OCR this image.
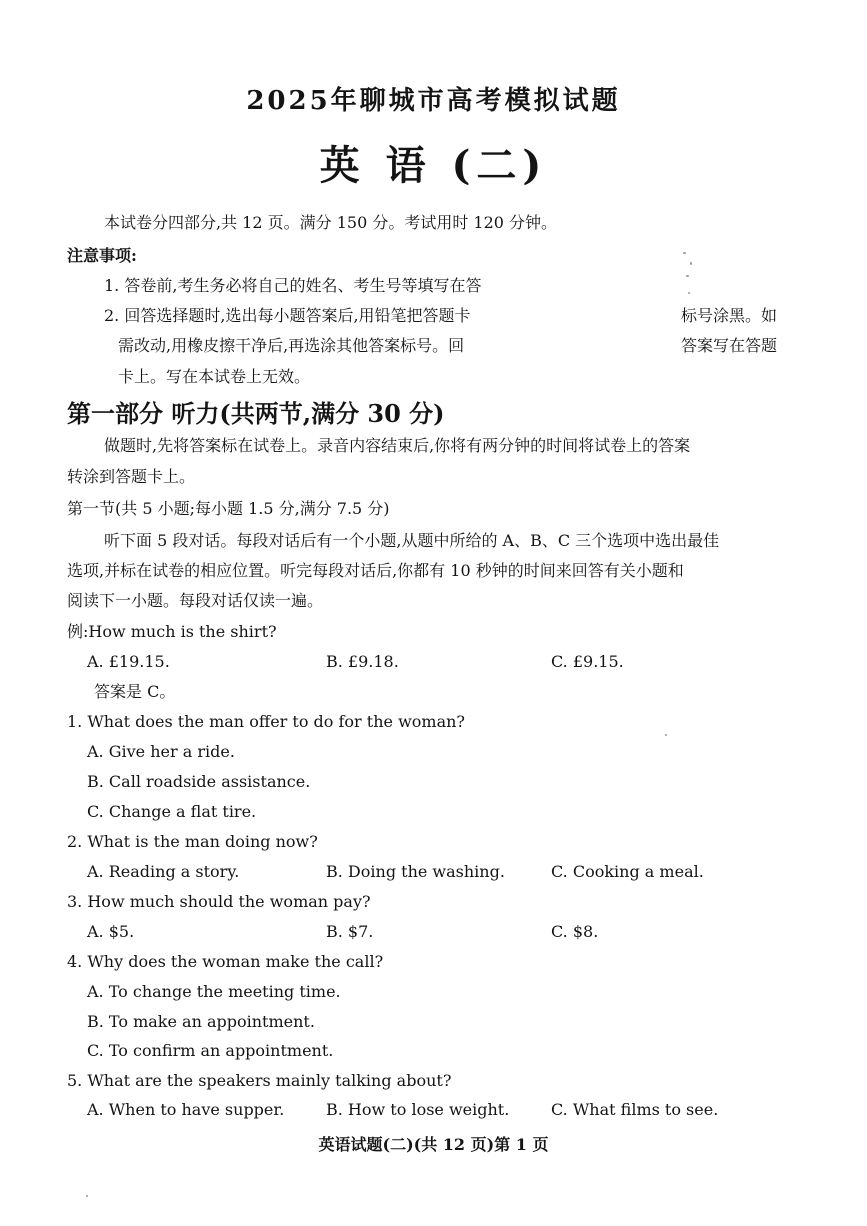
2025年聊城市高考模拟试题
英 语 (二)
本试卷分四部分,共 12 页。满分 150 分。考试用时 120 分钟。
注意事项:
1. 答卷前,考生务必将自己的姓名、考生号等填写在答
2. 回答选择题时,选出每小题答案后,用铅笔把答题卡
需改动,用橡皮擦干净后,再选涂其他答案标号。回
卡上。写在本试卷上无效。
标号涂黑。如
答案写在答题
第一部分 听力(共两节,满分 30 分)
做题时,先将答案标在试卷上。录音内容结束后,你将有两分钟的时间将试卷上的答案
转涂到答题卡上。
第一节(共 5 小题;每小题 1.5 分,满分 7.5 分)
听下面 5 段对话。每段对话后有一个小题,从题中所给的 A、B、C 三个选项中选出最佳
选项,并标在试卷的相应位置。听完每段对话后,你都有 10 秒钟的时间来回答有关小题和
阅读下一小题。每段对话仅读一遍。
例:How much is the shirt?
A. £19.15.	B. £9.18.	C. £9.15.
答案是 C。
1. What does the man offer to do for the woman?
A. Give her a ride.
B. Call roadside assistance.
C. Change a flat tire.
2. What is the man doing now?
A. Reading a story.	B. Doing the washing.	C. Cooking a meal.
3. How much should the woman pay?
A. $5.	B. $7.	C. $8.
4. Why does the woman make the call?
A. To change the meeting time.
B. To make an appointment.
C. To confirm an appointment.
5. What are the speakers mainly talking about?
A. When to have supper.	B. How to lose weight.	C. What films to see.
英语试题(二)(共 12 页)第 1 页
